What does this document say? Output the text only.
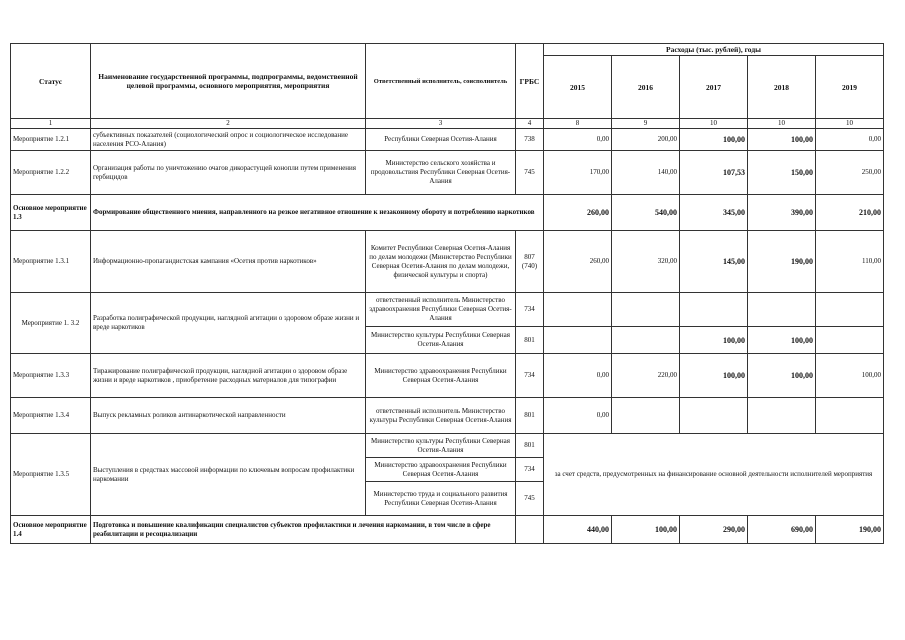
Статус	Наименование государственной программы, подпрограммы, ведомственной целевой программы, основного мероприятия, мероприятия	Ответственный исполнитель, соисполнитель	ГРБС	Расходы (тыс. рублей), годы				
				2015	2016	2017	2018	2019
1	2	3	4	8	9	10	10	10
Мероприятие 1.2.1	субъективных показателей (социологический опрос и социологическое исследование населения РСО-Алания)	Республики Северная Осетия-Алания	738	0,00	200,00	100,00	100,00	0,00
Мероприятие 1.2.2	Организация работы по уничтожению очагов дикорастущей конопли путем применения гербицидов	Министерство сельского хозяйства и продовольствия Республики Северная Осетия-Алания	745	170,00	140,00	107,53	150,00	250,00
Основное мероприятие 1.3	Формирование общественного мнения, направленного на резкое негативное отношение к незаконному обороту и потреблению наркотиков			260,00	540,00	345,00	390,00	210,00
Мероприятие 1.3.1	Информационно-пропагандистская кампания «Осетия против наркотиков»	Комитет Республики Северная Осетия-Алания по делам молодежи (Министерство Республики Северная Осетия-Алания по делам молодежи, физической культуры и спорта)	807 (740)	260,00	320,00	145,00	190,00	110,00
Мероприятие 1. 3.2	Разработка полиграфической продукции, наглядной агитации о здоровом образе жизни и вреде наркотиков	ответственный исполнитель Министерство здравоохранения Республики Северная Осетия-Алания	734					
		Министерство культуры Республики Северная Осетия-Алания	801			100,00	100,00	
Мероприятие 1.3.3	Тиражирование полиграфической продукции, наглядной агитации о здоровом образе жизни и вреде наркотиков , приобретение расходных материалов для типографии	Министерство здравоохранения Республики Северная Осетия-Алания	734	0,00	220,00	100,00	100,00	100,00
Мероприятие 1.3.4	Выпуск рекламных роликов антинаркотической направленности	ответственный исполнитель Министерство культуры Республики Северная Осетия-Алания	801	0,00				
Мероприятие 1.3.5	Выступления в средствах массовой информации по ключевым вопросам профилактики наркомании	Министерство культуры Республики Северная Осетия-Алания	801	за счет средств, предусмотренных на финансирование основной деятельности исполнителей мероприятия				
		Министерство здравоохранения Республики Северная Осетия-Алания	734					
		Министерство труда и социального развития Республики Северная Осетия-Алания	745					
Основное мероприятие 1.4	Подготовка и повышение квалификации специалистов субъектов профилактики и лечения наркомании, в том числе в сфере реабилитации и ресоциализации			440,00	100,00	290,00	690,00	190,00
